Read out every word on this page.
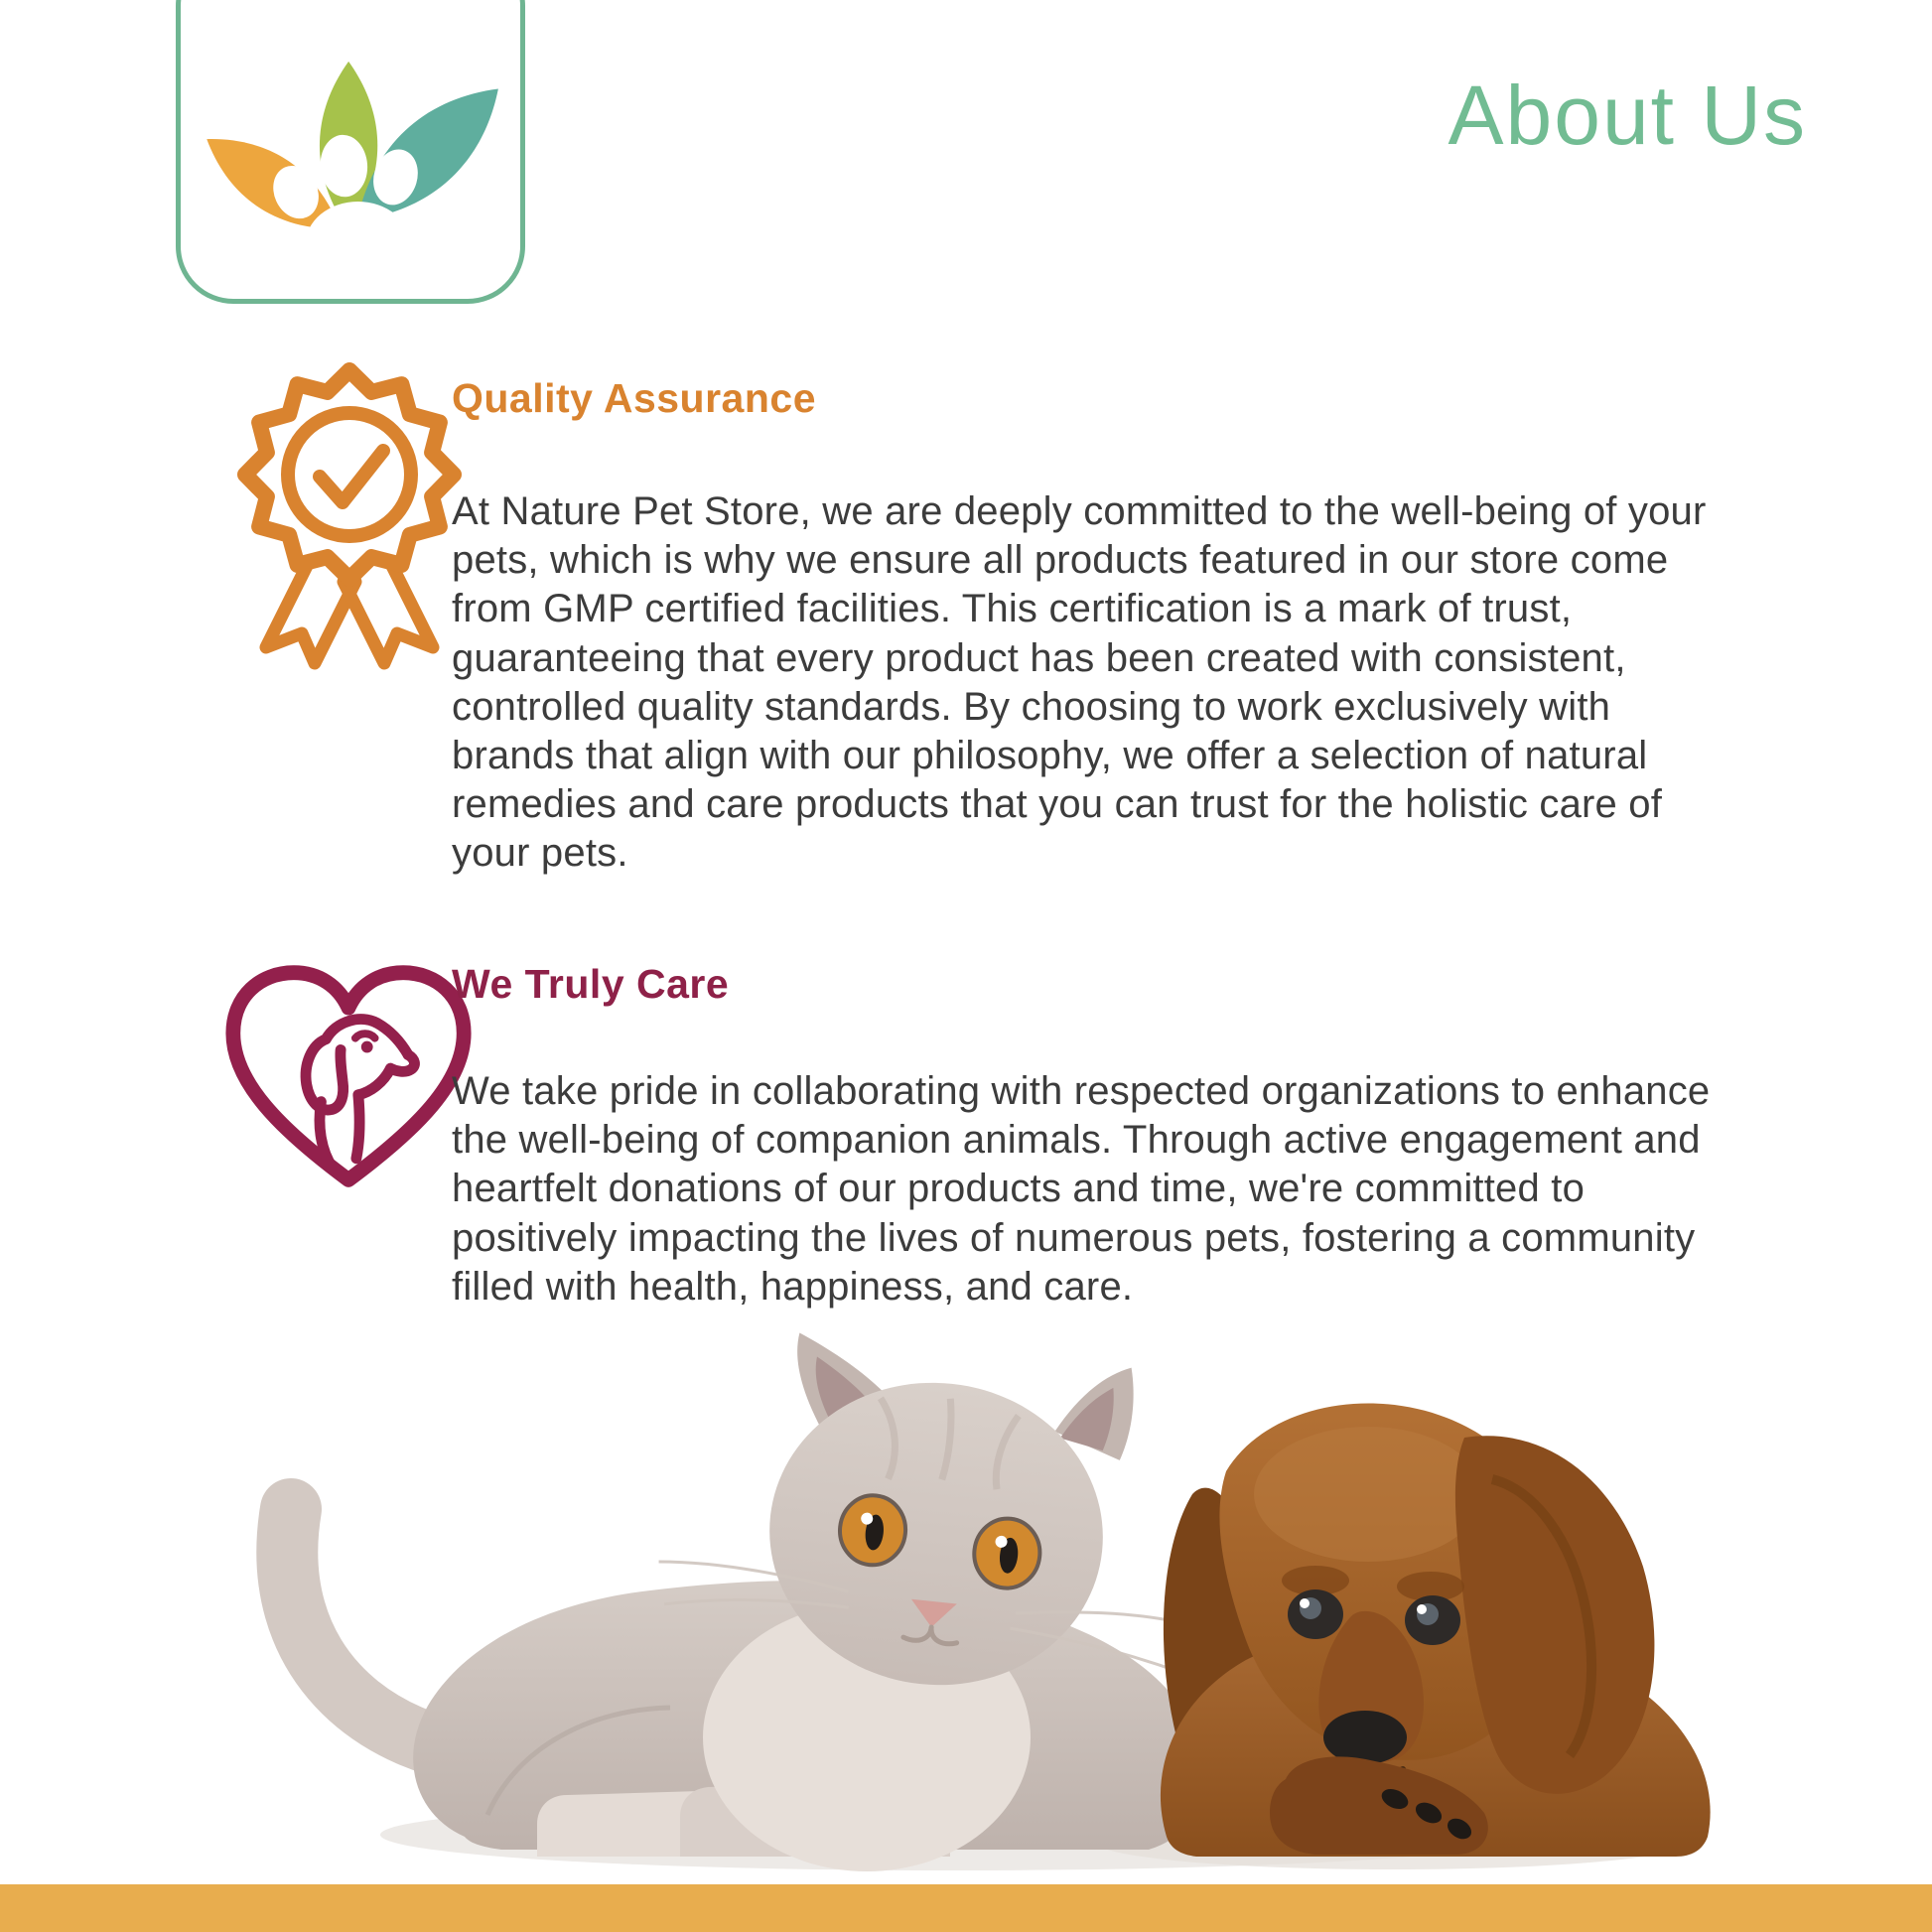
About Us
Quality Assurance

At Nature Pet Store, we are deeply committed to the well-being of your pets, which is why we ensure all products featured in our store come from GMP certified facilities. This certification is a mark of trust, guaranteeing that every product has been created with consistent, controlled quality standards. By choosing to work exclusively with brands that align with our philosophy, we offer a selection of natural remedies and care products that you can trust for the holistic care of your pets.

We Truly Care

We take pride in collaborating with respected organizations to enhance the well-being of companion animals. Through active engagement and heartfelt donations of our products and time, we're committed to positively impacting the lives of numerous pets, fostering a community filled with health, happiness, and care.
